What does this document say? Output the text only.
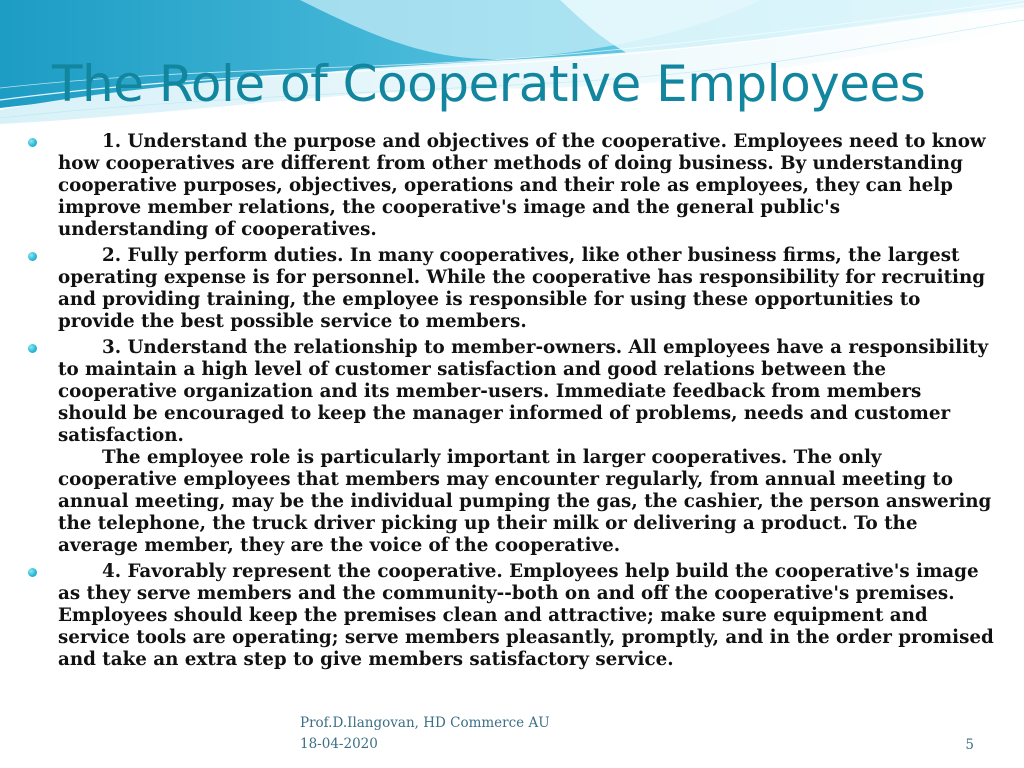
The Role of Cooperative Employees
1. Understand the purpose and objectives of the cooperative. Employees need to know how cooperatives are different from other methods of doing business. By understanding cooperative purposes, objectives, operations and their role as employees, they can help improve member relations, the cooperative's image and the general public's understanding of cooperatives.
2. Fully perform duties. In many cooperatives, like other business firms, the largest operating expense is for personnel. While the cooperative has responsibility for recruiting and providing training, the employee is responsible for using these opportunities to provide the best possible service to members.
3. Understand the relationship to member-owners. All employees have a responsibility to maintain a high level of customer satisfaction and good relations between the cooperative organization and its member-users. Immediate feedback from members should be encouraged to keep the manager informed of problems, needs and customer satisfaction.
The employee role is particularly important in larger cooperatives. The only cooperative employees that members may encounter regularly, from annual meeting to annual meeting, may be the individual pumping the gas, the cashier, the person answering the telephone, the truck driver picking up their milk or delivering a product. To the average member, they are the voice of the cooperative.
4. Favorably represent the cooperative. Employees help build the cooperative's image as they serve members and the community--both on and off the cooperative's premises. Employees should keep the premises clean and attractive; make sure equipment and service tools are operating; serve members pleasantly, promptly, and in the order promised and take an extra step to give members satisfactory service.
Prof.D.Ilangovan, HD Commerce AU
18-04-2020	5
